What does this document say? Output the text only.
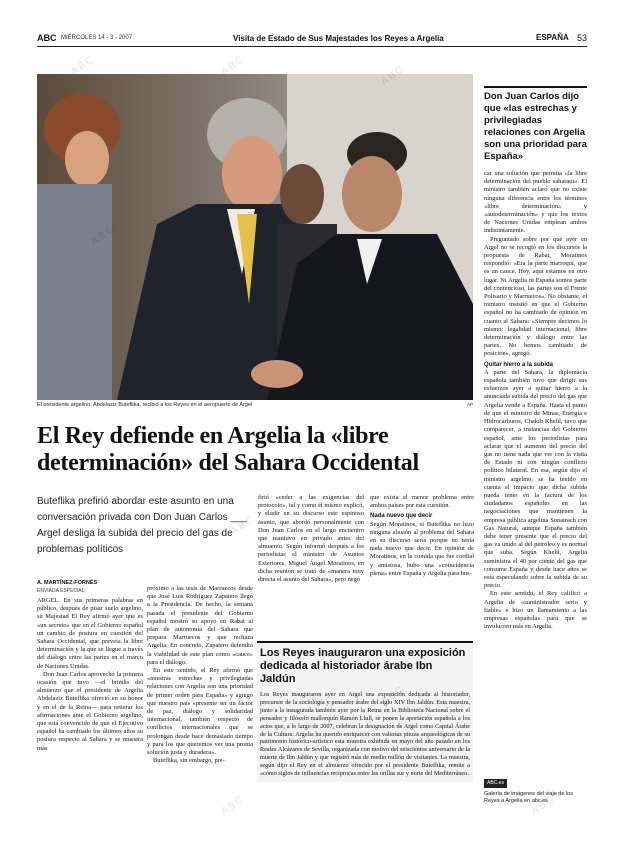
ABC MIÉRCOLES 14 - 3 - 2007	Visita de Estado de Sus Majestades los Reyes a Argelia	ESPAÑA 53
El presidente argelino, Abdelaziz Buteflika, recibió a los Reyes en el aeropuerto de Argel	AP
El Rey defiende en Argelia la «libre determinación» del Sahara Occidental
Buteflika prefirió abordar este asunto en una conversación privada con Don Juan Carlos ___ Argel desliga la subida del precio del gas de problemas políticos
A. MARTÍNEZ-FORNÉS
ENVIADA ESPECIAL

ARGEL. En sus primeras palabras en público, después de pisar suelo argelino, su Majestad El Rey afirmó ayer que es «un secreto» que en el Gobierno español un cambio de postura en cuestión del Sahara Occidental, que preveía la libre determinación y la que se llegue a través del diálogo entre las partes en el marco de Naciones Unidas.

Don Juan Carlos aprovechó la primera ocasión que tuvo —el brindis del almuerzo que el presidente de Argelia Abdelaziz Buteflika ofreció en su honor y en el de la Reina— para reiterar los afirmaciones ante el Gobierno argelino, que está convencido de que el Ejecutivo español ha cambiado los últimos años su postura respecto al Sahara y se muestra más

próximo a las tesis de Marruecos desde que José Luis Rodríguez Zapatero llegó a la Presidencia. De hecho, la semana pasada el presidente del Gobierno español mostró su apoyo en Rabat al plan de autonomía del Sahara que prepara Marruecos y que rechaza Argelia. En concreto, Zapatero defendió la viabilidad de este plan como «cauce» para el diálogo.

En este sentido, el Rey afirmó que «nuestras estrechas y privilegiadas relaciones con Argelia son una prioridad de primer orden para España» y agregó que nuestro país «presente ser un factor de paz, diálogo y solidaridad internacional, también respecto de conflictos internacionales que se prolongan desde hace demasiado tiempo y para los que queremos ver una pronta solución justa y duradera».

Buteflika, sin embargo, pre-

firió «ceder a las exigencias del protocolo», tal y como él mismo explicó, y eludir en su discurso este espinoso asunto, que abordó personalmente con Don Juan Carlos en el largo encuentro que mantuvo en privado antes del almuerzo. Según informó después a los periodistas el ministro de Asuntos Exteriores, Miguel Ángel Moratinos, en dicha reunión se trató de «manera muy directa el asunto del Sahara», pero negó

que exista el menor problema entre ambos países por esta cuestión.

Nada nuevo que decir

Según Moratinos, si Buteflika no hizo ninguna alusión al problema del Sahara en su discurso sería porque no tenía nada nuevo que decir. En opinión de Moratinos, en la comida que fue cordial y amistosa, hubo una «coincidencia plena» entre España y Argelia para bus-

Los Reyes inauguraron una exposición dedicada al historiador árabe Ibn Jaldún
Los Reyes inauguraron ayer en Argel una exposición dedicada al historiador, precursor de la sociología y pensador árabe del siglo XIV Ibn Jaldún. Esta muestra, junto a la inaugurada también ayer por la Reina en la Biblioteca Nacional sobre el pensador y filósofo mallorquín Ramón Llull, se ponen la aportación española a los actos que, a lo largo de 2007, celebran la designación de Argel como Capital Árabe de la Cultura. Argelia ha querido enriquecer con valiosas piezas arqueológicas de su patrimonio histórico-artístico esta muestra exhibida en mayo del año pasado en los Reales Alcázares de Sevilla, organizada con motivo del seiscientos aniversario de la muerte de Ibn Jaldún y que registró más de medio millón de visitantes. La muestra, según dijo el Rey en el almuerzo ofrecido por el presidente Buteflika, remite a «cómo siglos de influencias recíprocas entre las orillas sur y norte del Mediterráneo.
Don Juan Carlos dijo que «las estrechas y privilegiadas relaciones con Argelia son una prioridad para España»

car una solución que permita «la libre determinación del pueblo saharaui». El ministro también aclaró que no existe ninguna diferencia entre los términos «libre determinación» y «autodeterminación» y que los textos de Naciones Unidas emplean ambos indistintamente.

Preguntado sobre por qué ayer en Argel no se recogió en los discursos la propuesta de Rabat, Moratinos respondió: «Era la parte marroquí, que es un cauce. Hoy, aquí estamos en otro lugar. Ni Argelia ni España somos parte del contencioso, las partes son el Frente Polisario y Marruecos». No obstante, el ministro insistió en que el Gobierno español no ha cambiado de opinión en cuanto al Sahara: «Siempre decimos lo mismo: legalidad internacional, libre determinación y diálogo entre las partes. No hemos cambiado de posición», agregó.

Quitar hierro a la subida

A parte del Sahara, la diplomacia española también tuvo que dirigir sus esfuerzos ayer a quitar hierro a la anunciada subida del precio del gas que Argelia vende a España. Hasta el punto de que el ministro de Minas, Energía e Hidrocarburos, Chakib Khelil, tuvo que comparecer, a instancias del Gobierno español, ante los periodistas para aclarar que el aumento del precio del gas no tiene nada que ver con la visita de Estado ni con ningún conflicto político bilateral. En esa, según dijo el ministro argelino, se ha tenido en cuenta el impacto que dicha subida pueda tener en la factura de los ciudadanos españoles en las negociaciones que mantienen la empresa pública argelina Sonatrach con Gas Natural, aunque España también debe tener presente que el precio del gas va unido al del petróleo y es normal que suba. Según Khelil, Argelia suministra el 40 por ciento del gas que consume España y desde hace años se está especulando sobre la subida de su precio.

En este sentido, el Rey calificó a Argelia de «suministrador serio y fiable» e hizo un llamamiento a las empresas españolas para que se involucren más en Argelia.

ABC.es
Galería de imágenes del viaje de los Reyes a Argelia en abc.es
ABC	ABC
ABC
ABC
ABC
ABC
ABC	ABC
